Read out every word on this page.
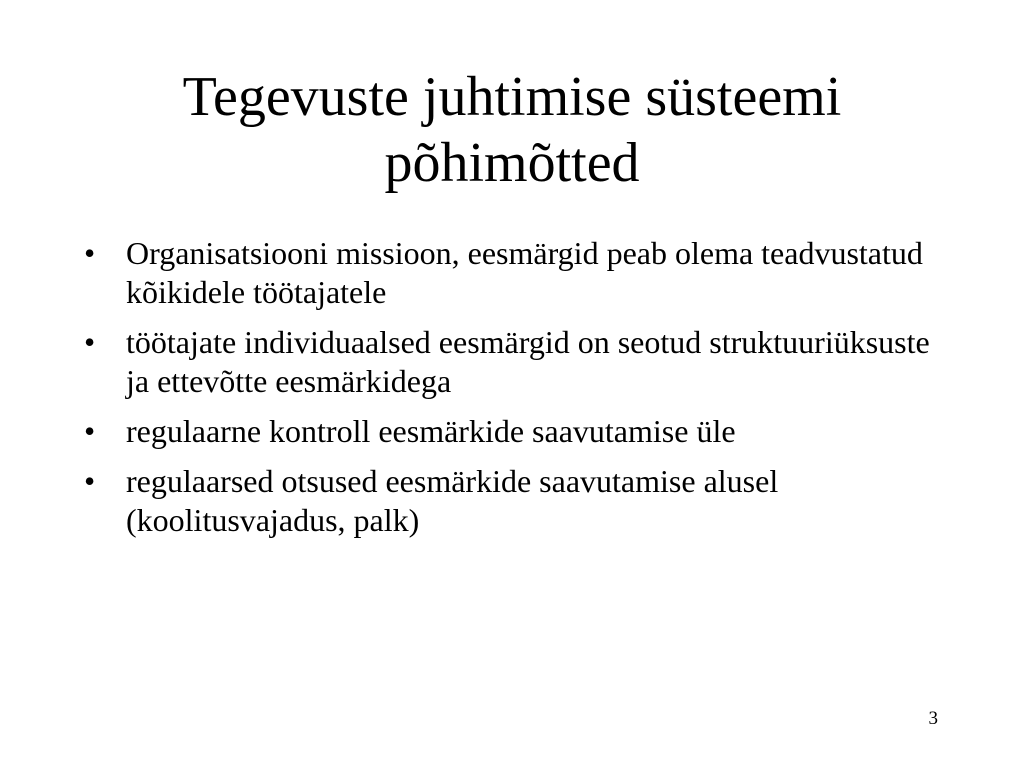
Tegevuste juhtimise süsteemi
põhimõtted
• Organisatsiooni missioon, eesmärgid peab olema teadvustatud kõikidele töötajatele
• töötajate individuaalsed eesmärgid on seotud struktuuriüksuste ja ettevõtte eesmärkidega
• regulaarne kontroll eesmärkide saavutamise üle
• regulaarsed otsused eesmärkide saavutamise alusel (koolitusvajadus, palk)
3
